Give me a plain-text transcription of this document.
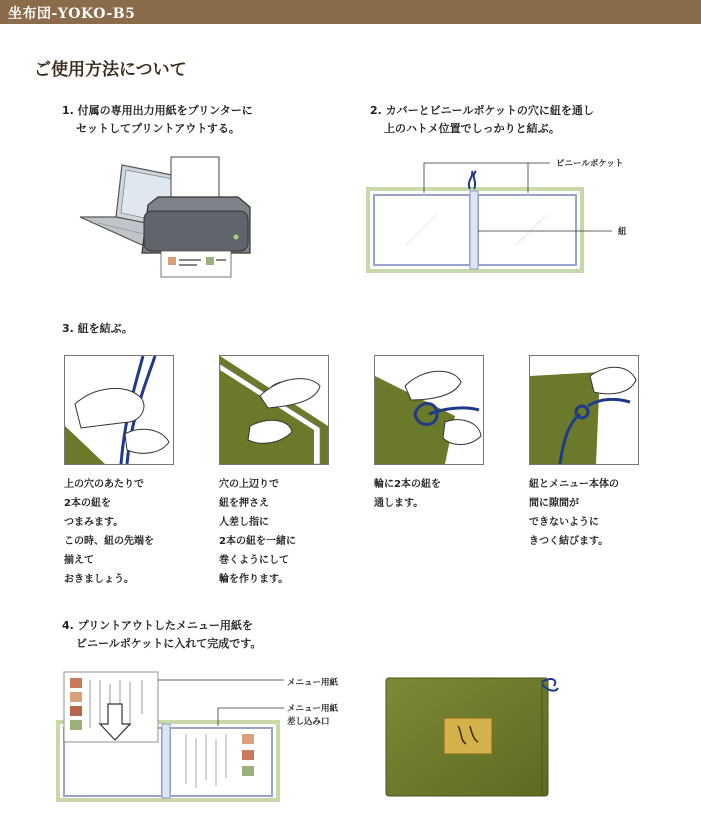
坐布団-YOKO-B5
ご使用方法について
1. 付属の専用出力用紙をプリンターに
セットしてプリントアウトする。
2. カバーとビニールポケットの穴に紐を通し
上のハトメ位置でしっかりと結ぶ。
ビニールポケット
紐
3. 紐を結ぶ。
上の穴のあたりで
2本の紐を
つまみます。
この時、紐の先端を
揃えて
おきましょう。
穴の上辺りで
紐を押さえ
人差し指に
2本の紐を一緒に
巻くようにして
輪を作ります。
輪に2本の紐を
通します。
紐とメニュー本体の
間に隙間が
できないように
きつく結びます。
4. プリントアウトしたメニュー用紙を
ビニールポケットに入れて完成です。
メニュー用紙
メニュー用紙
差し込み口
